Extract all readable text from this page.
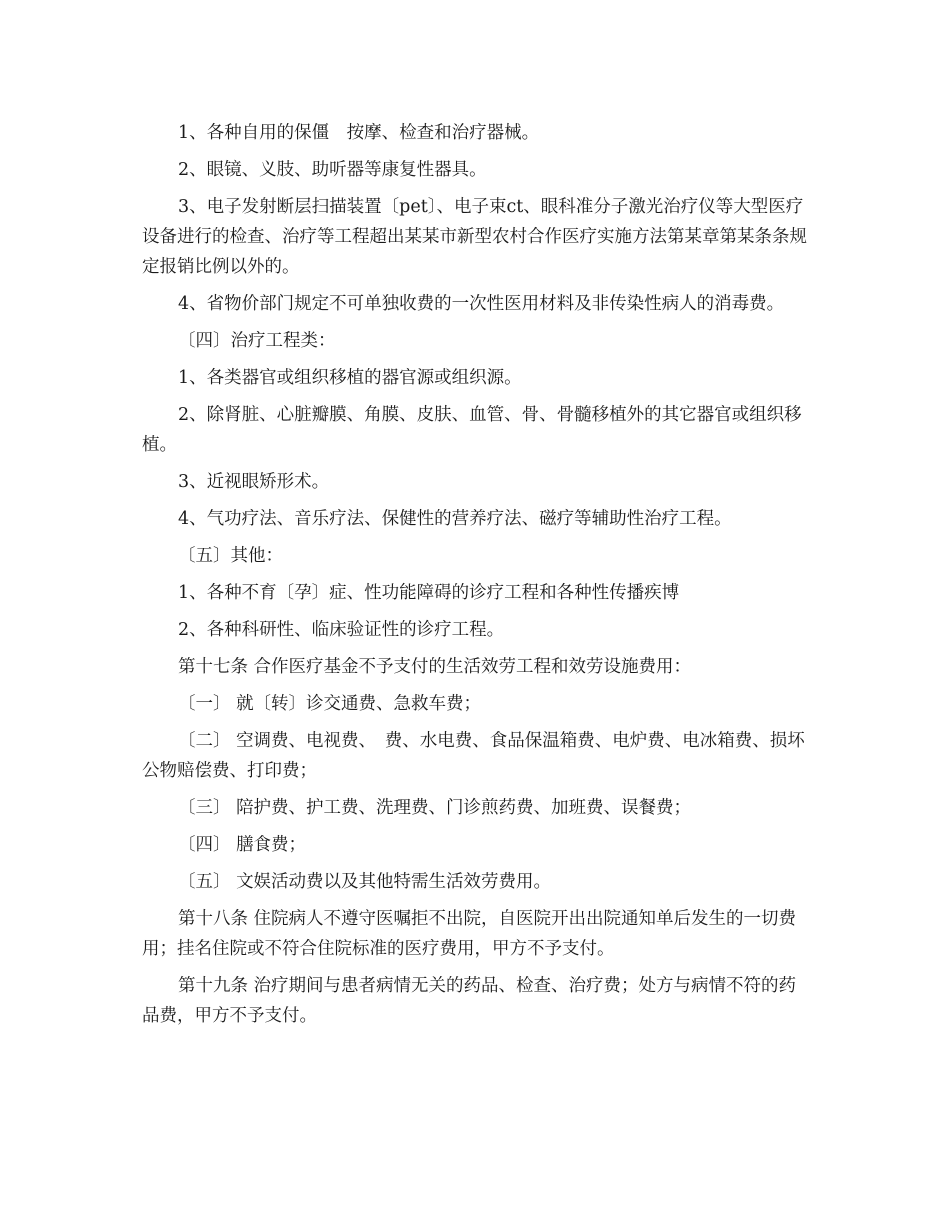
1、各种自用的保僵　按摩、检查和治疗器械。

2、眼镜、义肢、助听器等康复性器具。

3、电子发射断层扫描装置〔pet〕、电子束ct、眼科准分子激光治疗仪等大型医疗设备进行的检查、治疗等工程超出某某市新型农村合作医疗实施方法第某章第某条条规定报销比例以外的。

4、省物价部门规定不可单独收费的一次性医用材料及非传染性病人的消毒费。

〔四〕治疗工程类：

1、各类器官或组织移植的器官源或组织源。

2、除肾脏、心脏瓣膜、角膜、皮肤、血管、骨、骨髓移植外的其它器官或组织移植。

3、近视眼矫形术。

4、气功疗法、音乐疗法、保健性的营养疗法、磁疗等辅助性治疗工程。

〔五〕其他：

1、各种不育〔孕〕症、性功能障碍的诊疗工程和各种性传播疾博

2、各种科研性、临床验证性的诊疗工程。

第十七条 合作医疗基金不予支付的生活效劳工程和效劳设施费用：

〔一〕 就〔转〕诊交通费、急救车费；

〔二〕 空调费、电视费、　费、水电费、食品保温箱费、电炉费、电冰箱费、损坏公物赔偿费、打印费；

〔三〕 陪护费、护工费、洗理费、门诊煎药费、加班费、误餐费；

〔四〕 膳食费；

〔五〕 文娱活动费以及其他特需生活效劳费用。

第十八条 住院病人不遵守医嘱拒不出院，自医院开出出院通知单后发生的一切费用；挂名住院或不符合住院标准的医疗费用，甲方不予支付。

第十九条 治疗期间与患者病情无关的药品、检查、治疗费；处方与病情不符的药品费，甲方不予支付。
